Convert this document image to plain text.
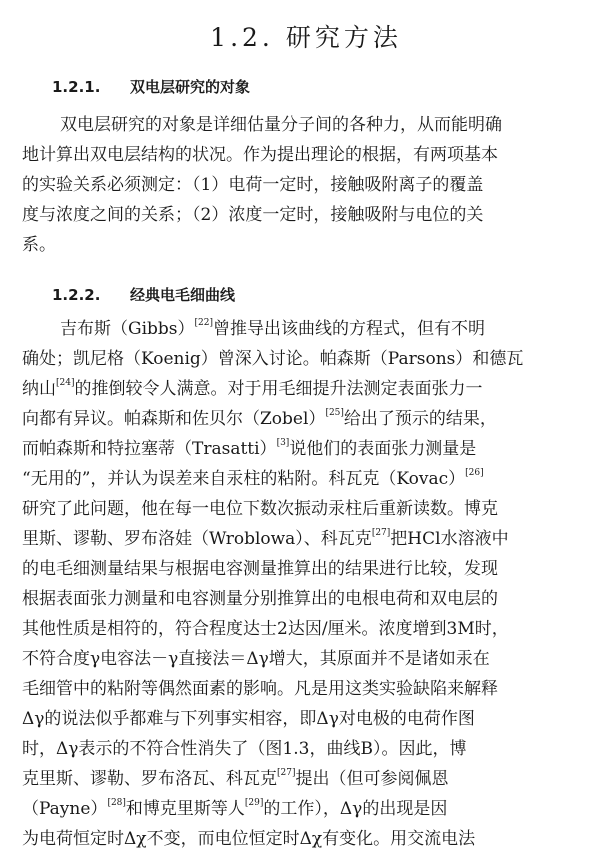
1.2. 研究方法
1.2.1. 双电层研究的对象
双电层研究的对象是详细估量分子间的各种力，从而能明确
地计算出双电层结构的状况。作为提出理论的根据，有两项基本
的实验关系必须测定：（1）电荷一定时，接触吸附离子的覆盖
度与浓度之间的关系；（2）浓度一定时，接触吸附与电位的关
系。
1.2.2. 经典电毛细曲线
吉布斯（Gibbs）[22]曾推导出该曲线的方程式，但有不明
确处；凯尼格（Koenig）曾深入讨论。帕森斯（Parsons）和德瓦
纳山[24]的推倒较令人满意。对于用毛细提升法测定表面张力一
向都有异议。帕森斯和佐贝尔（Zobel）[25]给出了预示的结果，
而帕森斯和特拉塞蒂（Trasatti）[3]说他们的表面张力测量是
“无用的”，并认为误差来自汞柱的粘附。科瓦克（Kovac）[26]
研究了此问题，他在每一电位下数次振动汞柱后重新读数。博克
里斯、谬勒、罗布洛娃（Wroblowa）、科瓦克[27]把HCl水溶液中
的电毛细测量结果与根据电容测量推算出的结果进行比较，发现
根据表面张力测量和电容测量分别推算出的电根电荷和双电层的
其他性质是相符的，符合程度达士2达因/厘米。浓度增到3M时，
不符合度γ电容法－γ直接法＝Δγ增大，其原面并不是诸如汞在
毛细管中的粘附等偶然面素的影响。凡是用这类实验缺陷来解释
Δγ的说法似乎都难与下列事实相容，即Δγ对电极的电荷作图
时，Δγ表示的不符合性消失了（图1.3，曲线B）。因此，博
克里斯、谬勒、罗布洛瓦、科瓦克[27]提出（但可参阅佩恩
（Payne）[28]和博克里斯等人[29]的工作），Δγ的出现是因
为电荷恒定时Δχ不变，而电位恒定时Δχ有变化。用交流电法
